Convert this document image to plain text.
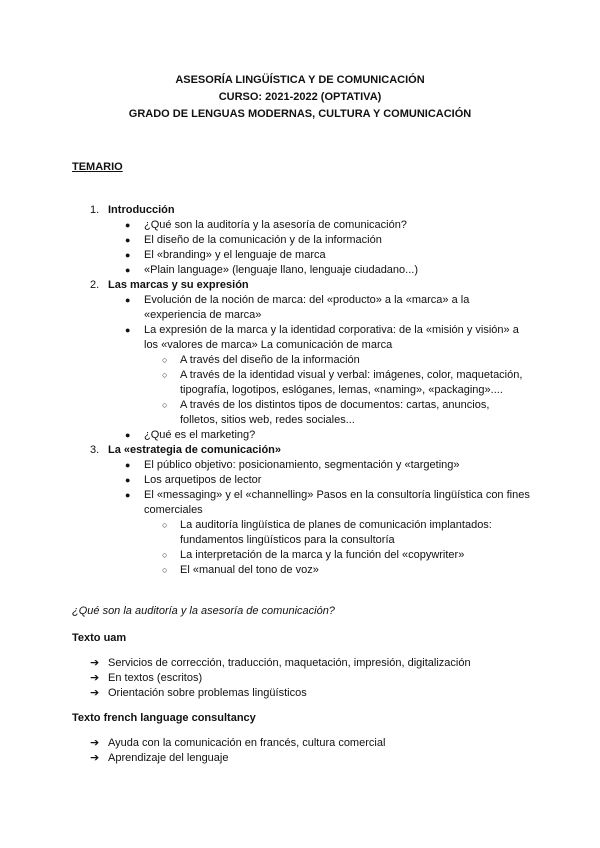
ASESORÍA LINGÜÍSTICA Y DE COMUNICACIÓN
CURSO: 2021-2022 (OPTATIVA)
GRADO DE LENGUAS MODERNAS, CULTURA Y COMUNICACIÓN
TEMARIO
1. Introducción
● ¿Qué son la auditoría y la asesoría de comunicación?
● El diseño de la comunicación y de la información
● El «branding» y el lenguaje de marca
● «Plain language» (lenguaje llano, lenguaje ciudadano...)
2. Las marcas y su expresión
● Evolución de la noción de marca: del «producto» a la «marca» a la «experiencia de marca»
● La expresión de la marca y la identidad corporativa: de la «misión y visión» a los «valores de marca» La comunicación de marca
○ A través del diseño de la información
○ A través de la identidad visual y verbal: imágenes, color, maquetación, tipografía, logotipos, eslóganes, lemas, «naming», «packaging»....
○ A través de los distintos tipos de documentos: cartas, anuncios, folletos, sitios web, redes sociales...
● ¿Qué es el marketing?
3. La «estrategia de comunicación»
● El público objetivo: posicionamiento, segmentación y «targeting»
● Los arquetipos de lector
● El «messaging» y el «channelling» Pasos en la consultoría lingüística con fines comerciales
○ La auditoría lingüística de planes de comunicación implantados: fundamentos lingüísticos para la consultoría
○ La interpretación de la marca y la función del «copywriter»
○ El «manual del tono de voz»
¿Qué son la auditoría y la asesoría de comunicación?
Texto uam
➔ Servicios de corrección, traducción, maquetación, impresión, digitalización
➔ En textos (escritos)
➔ Orientación sobre problemas lingüísticos
Texto french language consultancy
➔ Ayuda con la comunicación en francés, cultura comercial
➔ Aprendizaje del lenguaje
